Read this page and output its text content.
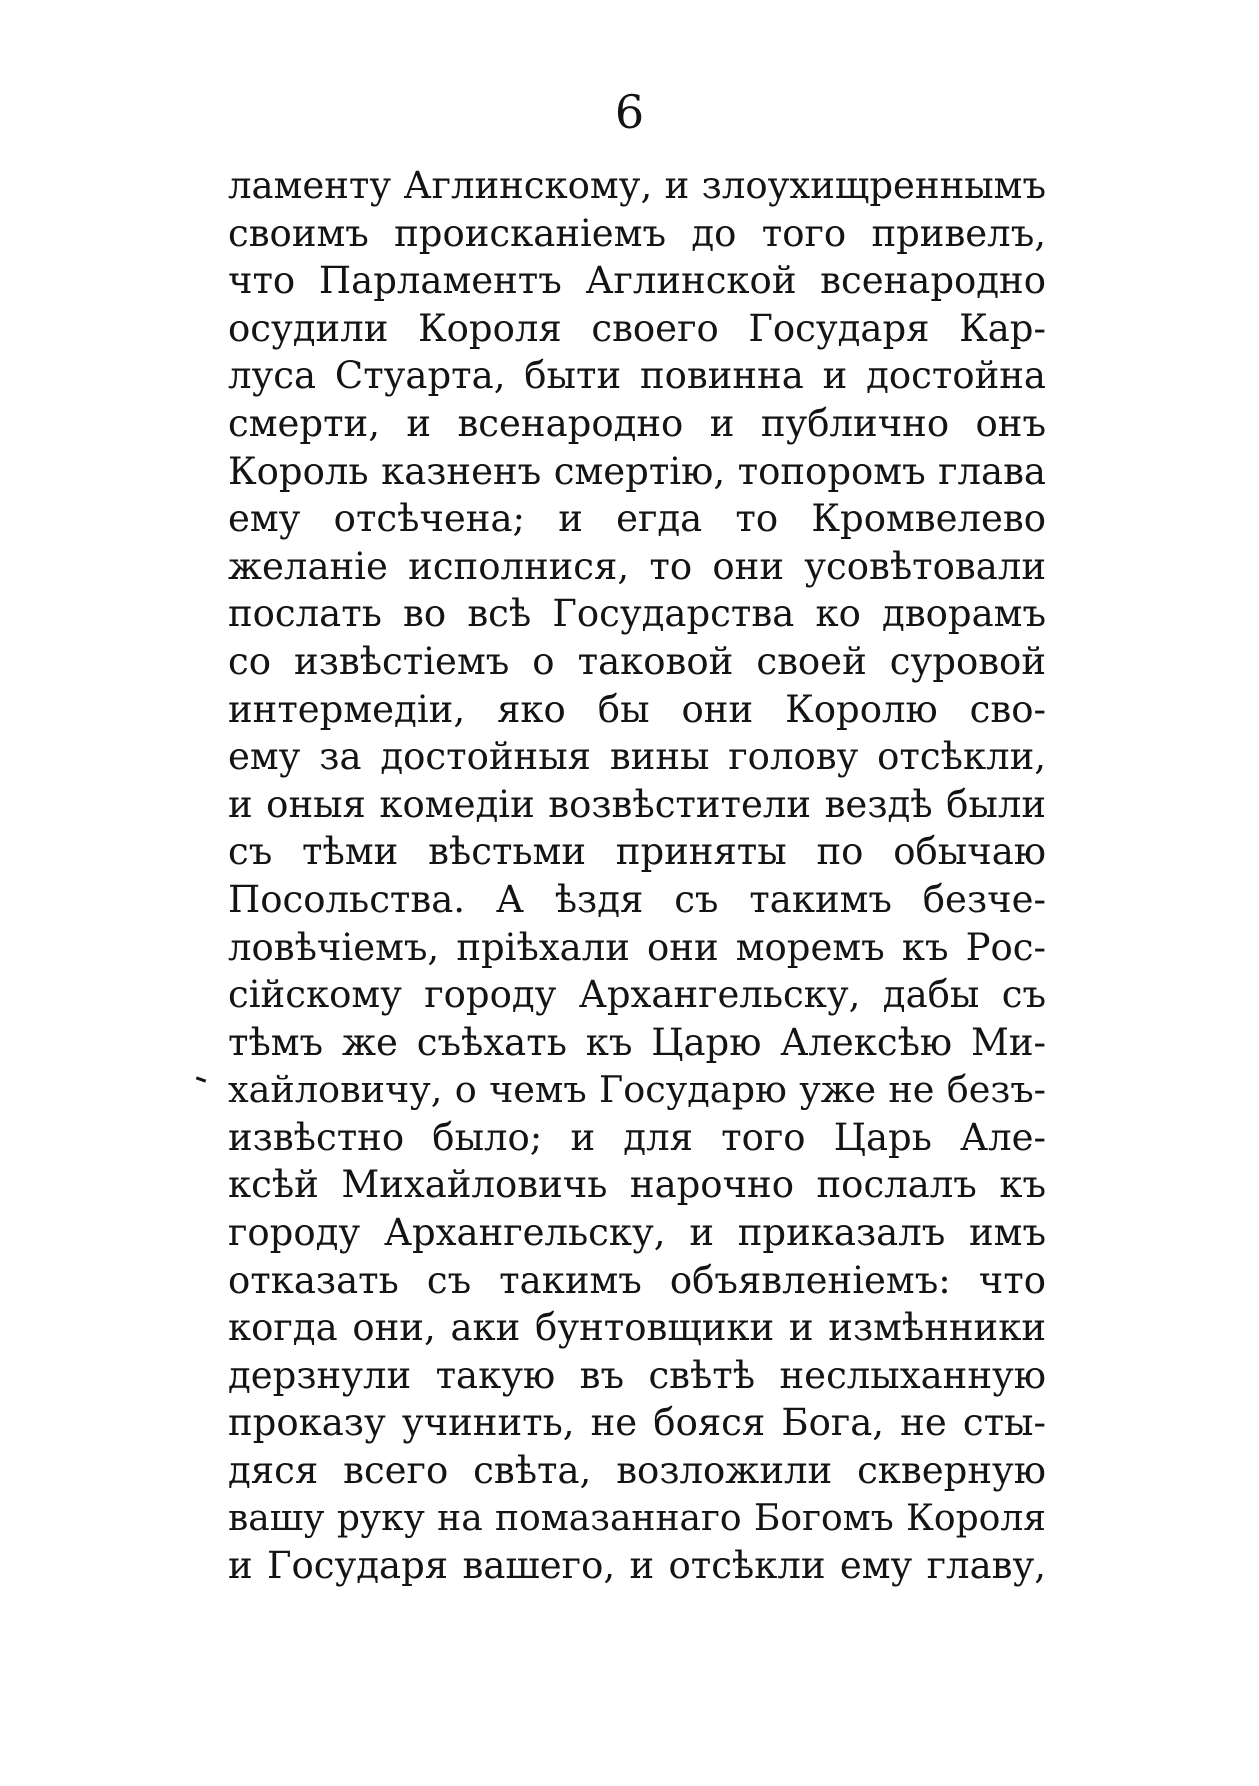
6
ламенту Аглинскому, и злоухищреннымъ
своимъ происканіемъ до того привелъ,
что Парламентъ Аглинской всенародно
осудили Короля своего Государя Кар-
луса Стуарта, быти повинна и достойна
смерти, и всенародно и публично онъ
Король казненъ смертію, топоромъ глава
ему отсѣчена; и егда то Кромвелево
желаніе исполнися, то они усовѣтовали
послать во всѣ Государства ко дворамъ
со извѣстіемъ о таковой своей суровой
интермедіи, яко бы они Королю сво-
ему за достойныя вины голову отсѣкли,
и оныя комедіи возвѣстители вездѣ были
съ тѣми вѣстьми приняты по обычаю
Посольства. А ѣздя съ такимъ безче-
ловѣчіемъ, пріѣхали они моремъ къ Рос-
сійскому городу Архангельску, дабы съ
тѣмъ же съѣхать къ Царю Алексѣю Ми-
хайловичу, о чемъ Государю уже не безъ-
извѣстно было; и для того Царь Але-
ксѣй Михайловичь нарочно послалъ къ
городу Архангельску, и приказалъ имъ
отказать съ такимъ объявленіемъ: что
когда они, аки бунтовщики и измѣнники
дерзнули такую въ свѣтѣ неслыханную
проказу учинить, не бояся Бога, не сты-
дяся всего свѣта, возложили скверную
вашу руку на помазаннаго Богомъ Короля
и Государя вашего, и отсѣкли ему главу,
